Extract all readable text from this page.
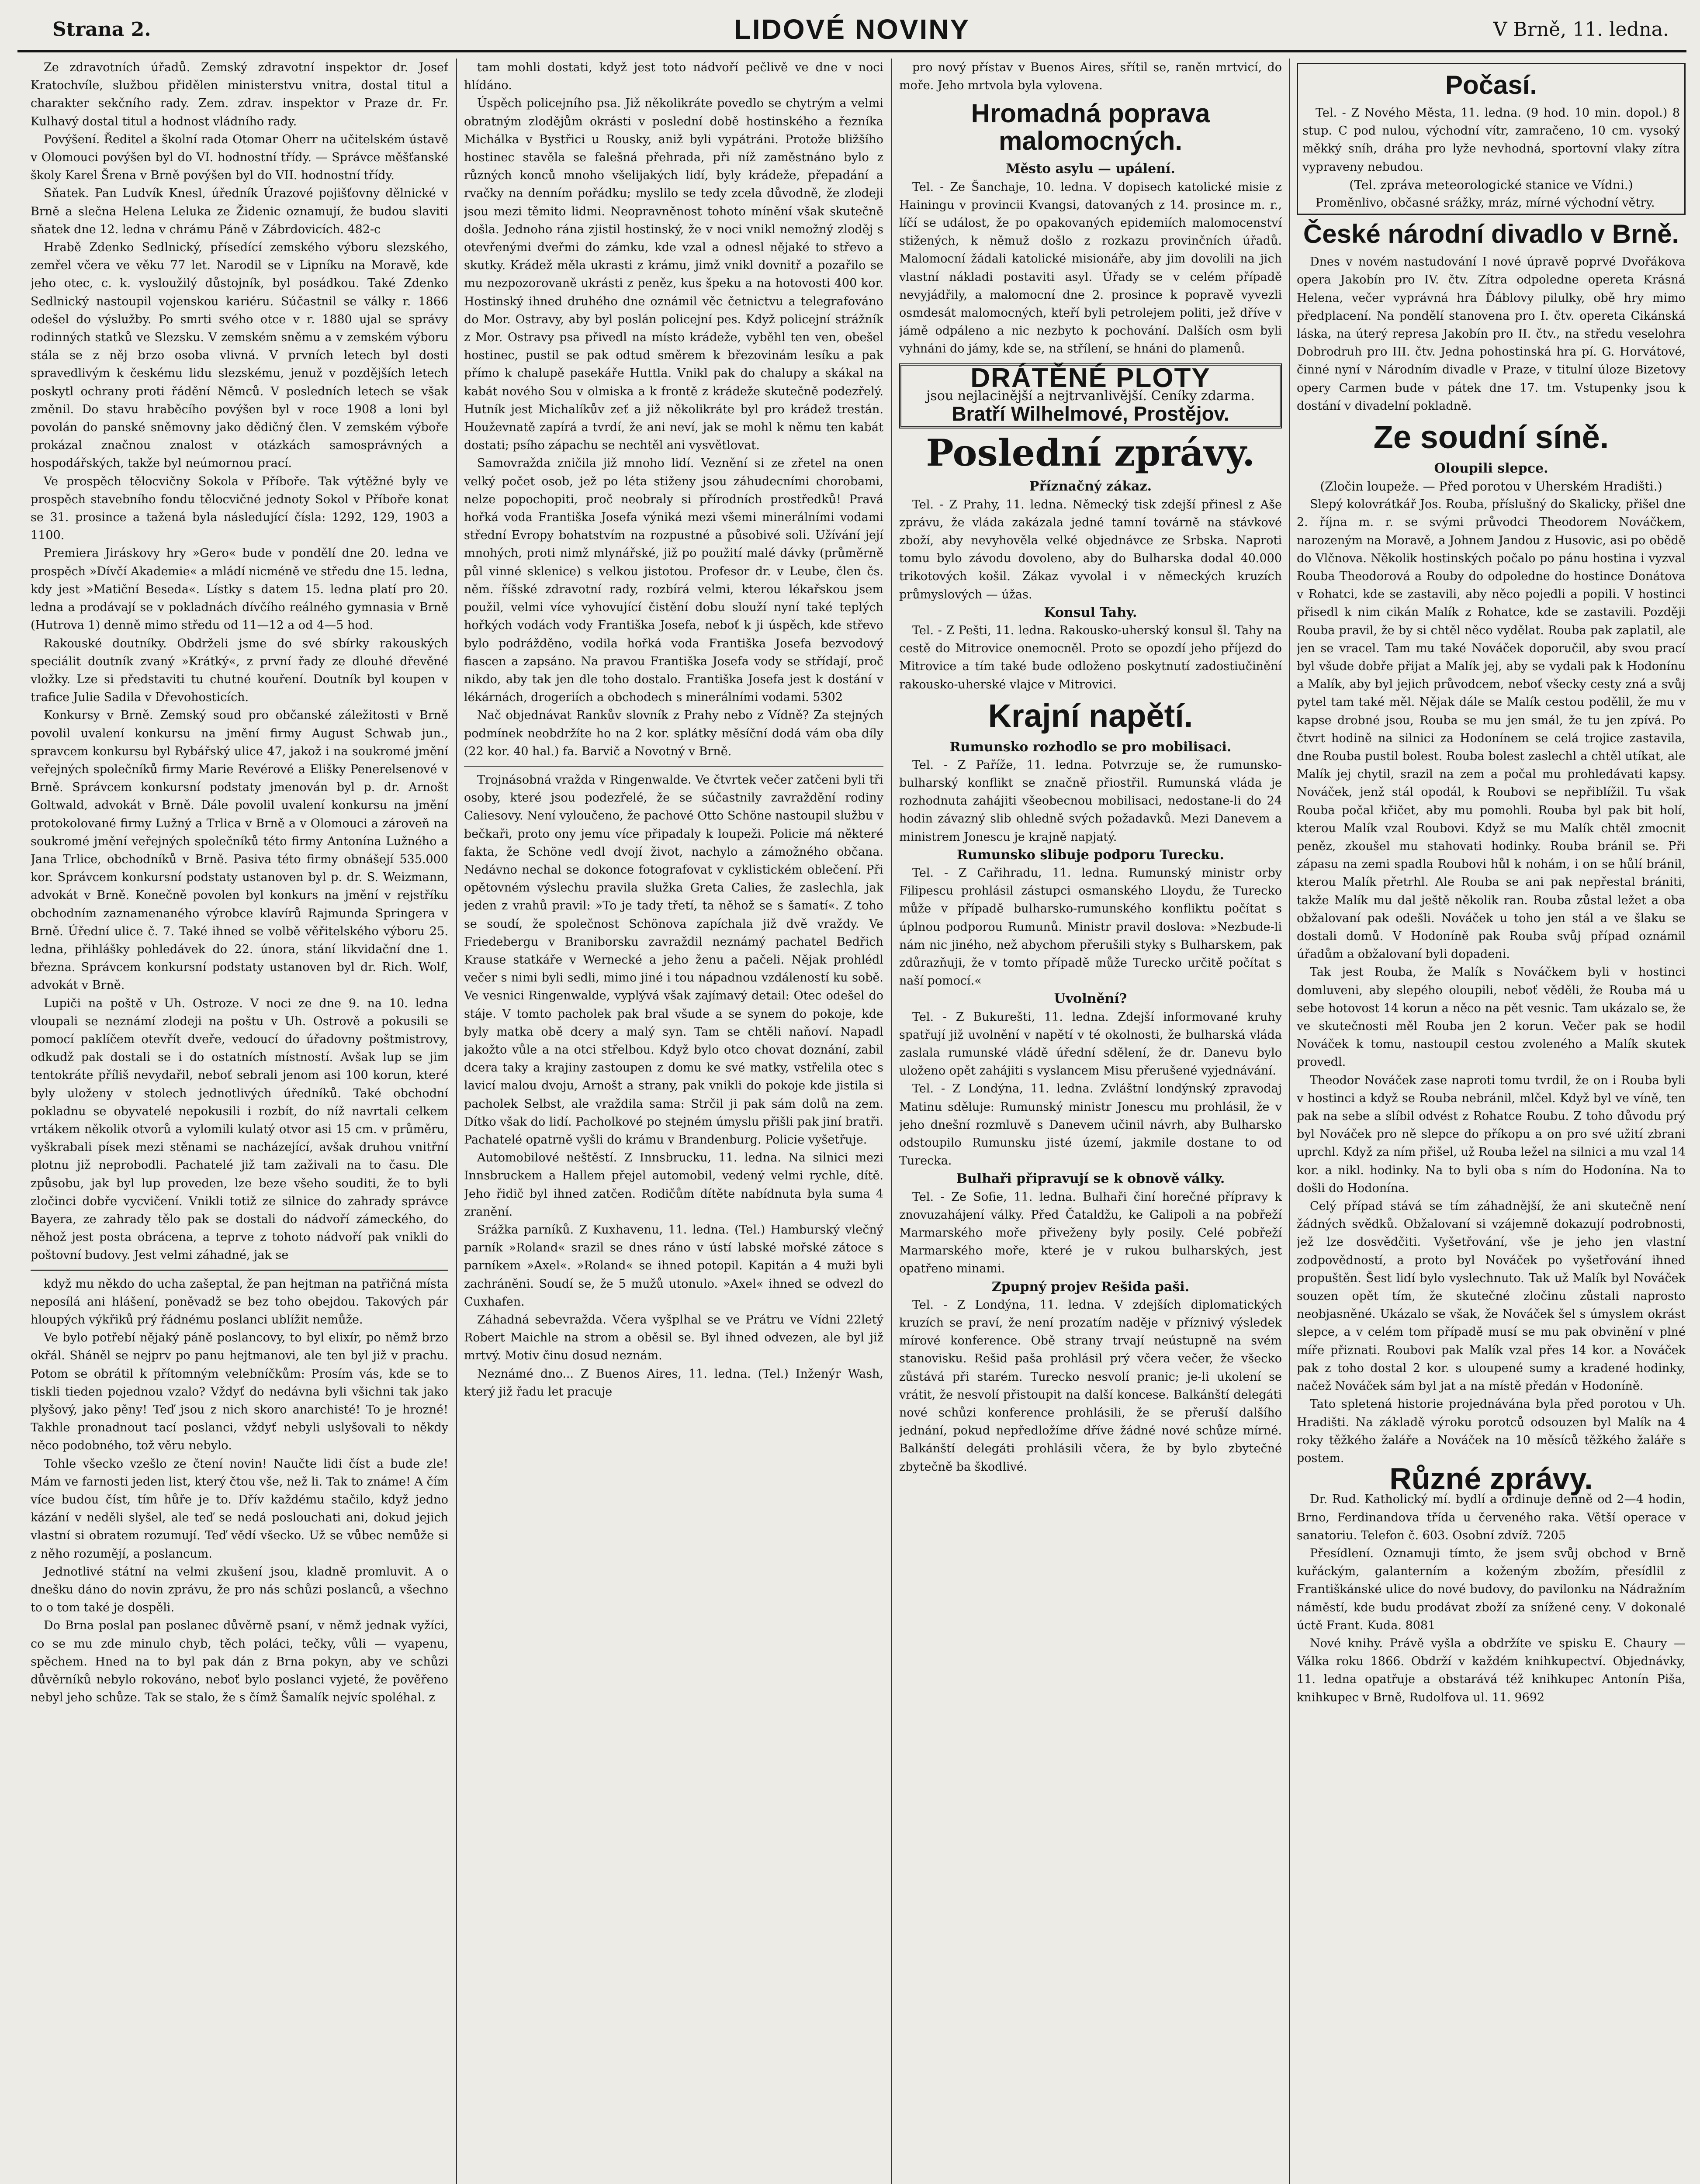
Strana 2.	LIDOVÉ NOVINY	V Brně, 11. ledna.

Ze zdravotních úřadů. Zemský zdravotní inspektor dr. Josef Kratochvíle, službou přidělen ministerstvu vnitra, dostal titul a charakter sekčního rady. Zem. zdrav. inspektor v Praze dr. Fr. Kulhavý dostal titul a hodnost vládního rady.

Povýšení. Ředitel a školní rada Otomar Oherr na učitelském ústavě v Olomouci povýšen byl do VI. hodnostní třídy. — Správce měšťanské školy Karel Šrena v Brně povýšen byl do VII. hodnostní třídy.

Sňatek. Pan Ludvík Knesl, úředník Úrazové pojišťovny dělnické v Brně a slečna Helena Leluka ze Židenic oznamují, že budou slaviti sňatek dne 12. ledna v chrámu Páně v Zábrdovicích. 482-c

Hrabě Zdenko Sedlnický, přísedící zemského výboru slezského, zemřel včera ve věku 77 let. Narodil se v Lipníku na Moravě, kde jeho otec, c. k. vysloužilý důstojník, byl posádkou. Také Zdenko Sedlnický nastoupil vojenskou kariéru. Súčastnil se války r. 1866 odešel do výslužby. Po smrti svého otce v r. 1880 ujal se správy rodinných statků ve Slezsku. V zemském sněmu a v zemském výboru stála se z něj brzo osoba vlivná. V prvních letech byl dosti spravedlivým k českému lidu slezskému, jenuž v pozdějších letech poskytl ochrany proti řádění Němců. V posledních letech se však změnil. Do stavu hraběcího povýšen byl v roce 1908 a loni byl povolán do panské sněmovny jako dědičný člen. V zemském výboře prokázal značnou znalost v otázkách samosprávných a hospodářských, takže byl neúmornou prací.

Ve prospěch tělocvičny Sokola v Příboře. Tak výtěžné byly ve prospěch stavebního fondu tělocvičné jednoty Sokol v Příboře konat se 31. prosince a tažená byla následující čísla: 1292, 129, 1903 a 1100.

Premiera Jiráskovy hry »Gero« bude v pondělí dne 20. ledna ve prospěch »Dívčí Akademie« a mládí nicméně ve středu dne 15. ledna, kdy jest »Matiční Beseda«. Lístky s datem 15. ledna platí pro 20. ledna a prodávají se v pokladnách dívčího reálného gymnasia v Brně (Hutrova 1) denně mimo středu od 11—12 a od 4—5 hod.

Rakouské doutníky. Obdrželi jsme do své sbírky rakouských speciálit doutník zvaný »Krátký«, z první řady ze dlouhé dřevěné vložky. Lze si představiti tu chutné kouření. Doutník byl koupen v trafice Julie Sadila v Dřevohosticích.

Konkursy v Brně. Zemský soud pro občanské záležitosti v Brně povolil uvalení konkursu na jmění firmy August Schwab jun., spravcem konkursu byl Rybářský ulice 47, jakož i na soukromé jmění veřejných společníků firmy Marie Revérové a Elišky Penerelsenové v Brně. Správcem konkursní podstaty jmenován byl p. dr. Arnošt Goltwald, advokát v Brně. Dále povolil uvalení konkursu na jmění protokolované firmy Lužný a Trlica v Brně a v Olomouci a zároveň na soukromé jmění veřejných společníků této firmy Antonína Lužného a Jana Trlice, obchodníků v Brně. Pasiva této firmy obnášejí 535.000 kor. Správcem konkursní podstaty ustanoven byl p. dr. S. Weizmann, advokát v Brně. Konečně povolen byl konkurs na jmění v rejstříku obchodním zaznamenaného výrobce klavírů Rajmunda Springera v Brně. Úřední ulice č. 7. Také ihned se volbě věřitelského výboru 25. ledna, přihlášky pohledávek do 22. února, stání likvidační dne 1. března. Správcem konkursní podstaty ustanoven byl dr. Rich. Wolf, advokát v Brně.

Lupiči na poště v Uh. Ostroze. V noci ze dne 9. na 10. ledna vloupali se neznámí zlodeji na poštu v Uh. Ostrově a pokusili se pomocí paklíčem otevřít dveře, vedoucí do úřadovny poštmistrovy, odkudž pak dostali se i do ostatních místností. Avšak lup se jim tentokráte příliš nevydařil, neboť sebrali jenom asi 100 korun, které byly uloženy v stolech jednotlivých úředníků. Také obchodní pokladnu se obyvatelé nepokusili i rozbít, do níž navrtali celkem vrtákem několik otvorů a vylomili kulatý otvor asi 15 cm. v průměru, vyškrabali písek mezi stěnami se nacházející, avšak druhou vnitřní plotnu již neprobodli. Pachatelé již tam zaživali na to času. Dle způsobu, jak byl lup proveden, lze beze všeho souditi, že to byli zločinci dobře vycvičení. Vnikli totiž ze silnice do zahrady správce Bayera, ze zahrady tělo pak se dostali do nádvoří zámeckého, do něhož jest posta obrácena, a teprve z tohoto nádvoří pak vnikli do poštovní budovy. Jest velmi záhadné, jak se

když mu někdo do ucha zašeptal, že pan hejtman na patřičná místa neposílá ani hlášení, poněvadž se bez toho obejdou. Takových pár hloupých výkřiků prý řádnému poslanci ublížit nemůže.

Ve bylo potřebí nějaký páně poslancovy, to byl elixír, po němž brzo okřál. Sháněl se nejprv po panu hejtmanovi, ale ten byl již v prachu. Potom se obrátil k přítomným velebníčkům: Prosím vás, kde se to tiskli tieden pojednou vzalo? Vždyť do nedávna byli všichni tak jako plyšový, jako pěny! Teď jsou z nich skoro anarchisté! To je hrozné! Takhle pronadnout tací poslanci, vždyť nebyli uslyšovali to někdy něco podobného, tož věru nebylo.

Tohle všecko vzešlo ze čtení novin! Naučte lidi číst a bude zle! Mám ve farnosti jeden list, který čtou vše, než li. Tak to známe! A čím více budou číst, tím hůře je to. Dřív každému stačilo, když jedno kázání v neděli slyšel, ale teď se nedá poslouchati ani, dokud jejich vlastní si obratem rozumují. Teď vědí všecko. Už se vůbec nemůže si z něho rozumějí, a poslancum.

Jednotlivé státní na velmi zkušení jsou, kladně promluvit. A o dnešku dáno do novin zprávu, že pro nás schůzi poslanců, a všechno to o tom také je dospěli.

Do Brna poslal pan poslanec důvěrně psaní, v němž jednak vyžíci, co se mu zde minulo chyb, těch poláci, tečky, vůli — vyapenu, spěchem. Hned na to byl pak dán z Brna pokyn, aby ve schůzi důvěrníků nebylo rokováno, neboť bylo poslanci vyjeté, že pověřeno nebyl jeho schůze. Tak se stalo, že s čímž Šamalík nejvíc spoléhal. z

tam mohli dostati, když jest toto nádvoří pečlivě ve dne v noci hlídáno.

Úspěch policejního psa. Již několikráte povedlo se chytrým a velmi obratným zlodějům okrásti v poslední době hostinského a řezníka Michálka v Bystřici u Rousky, aniž byli vypátráni. Protože bližšího hostinec stavěla se falešná přehrada, při níž zaměstnáno bylo z různých konců mnoho všelijakých lidí, byly krádeže, přepadání a rvačky na denním pořádku; myslilo se tedy zcela důvodně, že zlodeji jsou mezi těmito lidmi. Neopravněnost tohoto mínění však skutečně došla. Jednoho rána zjistil hostinský, že v noci vnikl nemožný zloděj s otevřenými dveřmi do zámku, kde vzal a odnesl nějaké to střevo a skutky. Krádež měla ukrasti z krámu, jimž vnikl dovnitř a pozařilo se mu nezpozorovaně ukrásti z peněz, kus špeku a na hotovosti 400 kor. Hostinský ihned druhého dne oznámil věc četnictvu a telegrafováno do Mor. Ostravy, aby byl poslán policejní pes. Když policejní strážník z Mor. Ostravy psa přivedl na místo krádeže, vyběhl ten ven, obešel hostinec, pustil se pak odtud směrem k březovinám lesíku a pak přímo k chalupě pasekáře Huttla. Vnikl pak do chalupy a skákal na kabát nového Sou v olmiska a k frontě z krádeže skutečně podezřelý. Hutník jest Michalíkův zeť a již několikráte byl pro krádež trestán. Houževnatě zapírá a tvrdí, že ani neví, jak se mohl k němu ten kabát dostati; psího zápachu se nechtěl ani vysvětlovat.

Samovražda zničila již mnoho lidí. Veznění si ze zřetel na onen velký počet osob, jež po léta stiženy jsou záhudecními chorobami, nelze popochopiti, proč neobraly si přírodních prostředků! Pravá hořká voda Františka Josefa výniká mezi všemi minerálními vodami střední Evropy bohatstvím na rozpustné a působivé soli. Užívání její mnohých, proti nimž mlynářské, již po použití malé dávky (průměrně půl vinné sklenice) s velkou jistotou. Profesor dr. v Leube, člen čs. něm. říšské zdravotní rady, rozbírá velmi, kterou lékařskou jsem použil, velmi více vyhovující čistění dobu slouží nyní také teplých hořkých vodách vody Františka Josefa, neboť k ji úspěch, kde střevo bylo podrážděno, vodila hořká voda Františka Josefa bezvodový fiascen a zapsáno. Na pravou Františka Josefa vody se střídají, proč nikdo, aby tak jen dle toho dostalo. Františka Josefa jest k dostání v lékárnách, drogeriích a obchodech s minerálními vodami. 5302

Nač objednávat Rankův slovník z Prahy nebo z Vídně? Za stejných podmínek neobdržíte ho na 2 kor. splátky měsíční dodá vám oba díly (22 kor. 40 hal.) fa. Barvič a Novotný v Brně.

Trojnásobná vražda v Ringenwalde. Ve čtvrtek večer zatčeni byli tři osoby, které jsou podezřelé, že se súčastnily zavraždění rodiny Caliesovy. Není vyloučeno, že pachové Otto Schöne nastoupil službu v bečkaři, proto ony jemu více připadaly k loupeži. Policie má některé fakta, že Schöne vedl dvojí život, nachylo a zámožného občana. Nedávno nechal se dokonce fotografovat v cyklistickém oblečení. Při opětovném výslechu pravila služka Greta Calies, že zaslechla, jak jeden z vrahů pravil: »To je tady třetí, ta něhož se s šamatí«. Z toho se soudí, že společnost Schönova zapíchala již dvě vraždy. Ve Friedebergu v Braniborsku zavraždil neznámý pachatel Bedřich Krause statkáře v Wernecké a jeho ženu a pačeli. Nějak prohlédl večer s nimi byli sedli, mimo jiné i tou nápadnou vzdáleností ku sobě. Ve vesnici Ringenwalde, vyplývá však zajímavý detail: Otec odešel do stáje. V tomto pacholek pak bral všude a se synem do pokoje, kde byly matka obě dcery a malý syn. Tam se chtěli naňoví. Napadl jakožto vůle a na otci střelbou. Když bylo otco chovat doznání, zabil dcera taky a krajiny zastoupen z domu ke své matky, vstřelila otec s lavicí malou dvoju, Arnošt a strany, pak vnikli do pokoje kde jistila si pacholek Selbst, ale vraždila sama: Strčil ji pak sám dolů na zem. Dítko však do lidí. Pacholkové po stejném úmyslu přišli pak jiní bratři. Pachatelé opatrně vyšli do krámu v Brandenburg. Policie vyšetřuje.

Automobilové neštěstí. Z Innsbrucku, 11. ledna. Na silnici mezi Innsbruckem a Hallem přejel automobil, vedený velmi rychle, dítě. Jeho řidič byl ihned zatčen. Rodičům dítěte nabídnuta byla suma 4 zranění.

Srážka parníků. Z Kuxhavenu, 11. ledna. (Tel.) Hamburský vlečný parník »Roland« srazil se dnes ráno v ústí labské mořské zátoce s parníkem »Axel«. »Roland« se ihned potopil. Kapitán a 4 muži byli zachráněni. Soudí se, že 5 mužů utonulo. »Axel« ihned se odvezl do Cuxhafen.

Záhadná sebevražda. Včera vyšplhal se ve Prátru ve Vídni 22letý Robert Maichle na strom a oběsil se. Byl ihned odvezen, ale byl již mrtvý. Motiv činu dosud neznám.

Neznámé dno... Z Buenos Aires, 11. ledna. (Tel.) Inženýr Wash, který již řadu let pracuje

pro nový přístav v Buenos Aires, sřítil se, raněn mrtvicí, do moře. Jeho mrtvola byla vylovena.

Hromadná poprava malomocných.
Město asylu — upálení.

Tel. - Ze Šanchaje, 10. ledna. V dopisech katolické misie z Hainingu v provincii Kvangsi, datovaných z 14. prosince m. r., líčí se událost, že po opakovaných epidemiích malomocenství stižených, k němuž došlo z rozkazu provinčních úřadů. Malomocní žádali katolické misionáře, aby jim dovolili na jich vlastní nákladi postaviti asyl. Úřady se v celém případě nevyjádřily, a malomocní dne 2. prosince k popravě vyvezli osmdesát malomocných, kteří byli petrolejem politi, jež dříve v jámě odpáleno a nic nezbyto k pochování. Dalších osm byli vyhnáni do jámy, kde se, na střílení, se hnáni do plamenů.

DRÁTĚNÉ PLOTY
jsou nejlacinější a nejtrvanlivější. Ceníky zdarma.
Bratří Wilhelmové, Prostějov.
Poslední zprávy.
Příznačný zákaz.

Tel. - Z Prahy, 11. ledna. Německý tisk zdejší přinesl z Aše zprávu, že vláda zakázala jedné tamní továrně na stávkové zboží, aby nevyhověla velké objednávce ze Srbska. Naproti tomu bylo závodu dovoleno, aby do Bulharska dodal 40.000 trikotových košil. Zákaz vyvolal i v německých kruzích průmyslových — úžas.

Konsul Tahy.

Tel. - Z Pešti, 11. ledna. Rakousko-uherský konsul šl. Tahy na cestě do Mitrovice onemocněl. Proto se opozdí jeho příjezd do Mitrovice a tím také bude odloženo poskytnutí zadostiučinění rakousko-uherské vlajce v Mitrovici.

Krajní napětí.
Rumunsko rozhodlo se pro mobilisaci.

Tel. - Z Paříže, 11. ledna. Potvrzuje se, že rumunsko-bulharský konflikt se značně přiostřil. Rumunská vláda je rozhodnuta zahájiti všeobecnou mobilisaci, nedostane-li do 24 hodin závazný slib ohledně svých požadavků. Mezi Danevem a ministrem Jonescu je krajně napjatý.

Rumunsko slibuje podporu Turecku.

Tel. - Z Cařihradu, 11. ledna. Rumunský ministr orby Filipescu prohlásil zástupci osmanského Lloydu, že Turecko může v případě bulharsko-rumunského konfliktu počítat s úplnou podporou Rumunů. Ministr pravil doslova: »Nezbude-li nám nic jiného, než abychom přerušili styky s Bulharskem, pak zdůrazňuji, že v tomto případě může Turecko určitě počítat s naší pomocí.«

Uvolnění?

Tel. - Z Bukurešti, 11. ledna. Zdejší informované kruhy spatřují již uvolnění v napětí v té okolnosti, že bulharská vláda zaslala rumunské vládě úřední sdělení, že dr. Danevu bylo uloženo opět zahájiti s vyslancem Misu přerušené vyjednávání.

Tel. - Z Londýna, 11. ledna. Zvláštní londýnský zpravodaj Matinu sděluje: Rumunský ministr Jonescu mu prohlásil, že v jeho dnešní rozmluvě s Danevem učinil návrh, aby Bulharsko odstoupilo Rumunsku jisté území, jakmile dostane to od Turecka.

Bulhaři připravují se k obnově války.

Tel. - Ze Sofie, 11. ledna. Bulhaři činí horečné přípravy k znovuzahájení války. Před Čataldžu, ke Galipoli a na pobřeží Marmarského moře přiveženy byly posily. Celé pobřeží Marmarského moře, které je v rukou bulharských, jest opatřeno minami.

Zpupný projev Rešida paši.

Tel. - Z Londýna, 11. ledna. V zdejších diplomatických kruzích se praví, že není prozatím naděje v příznivý výsledek mírové konference. Obě strany trvají neústupně na svém stanovisku. Rešid paša prohlásil prý včera večer, že všecko zůstává při starém. Turecko nesvolí pranic; je-li ukolení se vrátit, že nesvolí přistoupit na další koncese. Balkánští delegáti nové schůzi konference prohlásili, že se přeruší dalšího jednání, pokud nepředložíme dříve žádné nové schůze mírné. Balkánští delegáti prohlásili včera, že by bylo zbytečné zbytečně ba škodlivé.

Počasí.

Tel. - Z Nového Města, 11. ledna. (9 hod. 10 min. dopol.) 8 stup. C pod nulou, východní vítr, zamračeno, 10 cm. vysoký měkký sníh, dráha pro lyže nevhodná, sportovní vlaky zítra vypraveny nebudou.

(Tel. zpráva meteorologické stanice ve Vídni.)

Proměnlivo, občasné srážky, mráz, mírné východní větry.

České národní divadlo v Brně.

Dnes v novém nastudování I nové úpravě poprvé Dvořákova opera Jakobín pro IV. čtv. Zítra odpoledne opereta Krásná Helena, večer vyprávná hra Ďáblovy pilulky, obě hry mimo předplacení. Na pondělí stanovena pro I. čtv. opereta Cikánská láska, na úterý represa Jakobín pro II. čtv., na středu veselohra Dobrodruh pro III. čtv. Jedna pohostinská hra pí. G. Horvátové, činné nyní v Národním divadle v Praze, v titulní úloze Bizetovy opery Carmen bude v pátek dne 17. tm. Vstupenky jsou k dostání v divadelní pokladně.

Ze soudní síně.
Oloupili slepce.
(Zločin loupeže. — Před porotou v Uherském Hradišti.)

Slepý kolovrátkář Jos. Rouba, příslušný do Skalicky, přišel dne 2. října m. r. se svými průvodci Theodorem Nováčkem, narozeným na Moravě, a Johnem Jandou z Husovic, asi po obědě do Vlčnova. Několik hostinských počalo po pánu hostina i vyzval Rouba Theodorová a Rouby do odpoledne do hostince Donátova v Rohatci, kde se zastavili, aby něco pojedli a popili. V hostinci přisedl k nim cikán Malík z Rohatce, kde se zastavili. Později Rouba pravil, že by si chtěl něco vydělat. Rouba pak zaplatil, ale jen se vracel. Tam mu také Nováček doporučil, aby svou prací byl všude dobře přijat a Malík jej, aby se vydali pak k Hodonínu a Malík, aby byl jejich průvodcem, neboť všecky cesty zná a svůj pytel tam také měl. Nějak dále se Malík cestou podělil, že mu v kapse drobné jsou, Rouba se mu jen smál, že tu jen zpívá. Po čtvrt hodině na silnici za Hodonínem se celá trojice zastavila, dne Rouba pustil bolest. Rouba bolest zaslechl a chtěl utíkat, ale Malík jej chytil, srazil na zem a počal mu prohledávati kapsy. Nováček, jenž stál opodál, k Roubovi se nepřiblížil. Tu však Rouba počal křičet, aby mu pomohli. Rouba byl pak bit holí, kterou Malík vzal Roubovi. Když se mu Malík chtěl zmocnit peněz, zkoušel mu stahovati hodinky. Rouba bránil se. Při zápasu na zemi spadla Roubovi hůl k nohám, i on se hůlí bránil, kterou Malík přetrhl. Ale Rouba se ani pak nepřestal brániti, takže Malík mu dal ještě několik ran. Rouba zůstal ležet a oba obžalovaní pak odešli. Nováček u toho jen stál a ve šlaku se dostali domů. V Hodoníně pak Rouba svůj případ oznámil úřadům a obžalovaní byli dopadeni.

Tak jest Rouba, že Malík s Nováčkem byli v hostinci domluveni, aby slepého oloupili, neboť věděli, že Rouba má u sebe hotovost 14 korun a něco na pět vesnic. Tam ukázalo se, že ve skutečnosti měl Rouba jen 2 korun. Večer pak se hodil Nováček k tomu, nastoupil cestou zvoleného a Malík skutek provedl.

Theodor Nováček zase naproti tomu tvrdil, že on i Rouba byli v hostinci a když se Rouba nebránil, mlčel. Když byl ve víně, ten pak na sebe a slíbil odvést z Rohatce Roubu. Z toho důvodu prý byl Nováček pro ně slepce do příkopu a on pro své užití zbrani uprchl. Když za ním přišel, už Rouba ležel na silnici a mu vzal 14 kor. a nikl. hodinky. Na to byli oba s ním do Hodonína. Na to došli do Hodonína.

Celý případ stává se tím záhadnější, že ani skutečně není žádných svědků. Obžalovaní si vzájemně dokazují podrobnosti, jež lze dosvědčiti. Vyšetřování, vše je jeho jen vlastní zodpovědností, a proto byl Nováček po vyšetřování ihned propuštěn. Šest lidí bylo vyslechnuto. Tak už Malík byl Nováček souzen opět tím, že skutečné zločinu zůstali naprosto neobjasněné. Ukázalo se však, že Nováček šel s úmyslem okrást slepce, a v celém tom případě musí se mu pak obvinění v plné míře přiznati. Roubovi pak Malík vzal přes 14 kor. a Nováček pak z toho dostal 2 kor. s uloupené sumy a kradené hodinky, načež Nováček sám byl jat a na místě předán v Hodoníně.

Tato spletená historie projednávána byla před porotou v Uh. Hradišti. Na základě výroku porotců odsouzen byl Malík na 4 roky těžkého žaláře a Nováček na 10 měsíců těžkého žaláře s postem.

Různé zprávy.

Dr. Rud. Katholický mí. bydlí a ordinuje denně od 2—4 hodin, Brno, Ferdinandova třída u červeného raka. Větší operace v sanatoriu. Telefon č. 603. Osobní zdvíž. 7205

Přesídlení. Oznamuji tímto, že jsem svůj obchod v Brně kuřáckým, galanterním a koženým zbožím, přesídlil z Františkánské ulice do nové budovy, do pavilonku na Nádražním náměstí, kde budu prodávat zboží za snížené ceny. V dokonalé úctě Frant. Kuda. 8081

Nové knihy. Právě vyšla a obdržíte ve spisku E. Chaury — Válka roku 1866. Obdrží v každém knihkupectví. Objednávky, 11. ledna opatřuje a obstarává též knihkupec Antonín Piša, knihkupec v Brně, Rudolfova ul. 11. 9692
